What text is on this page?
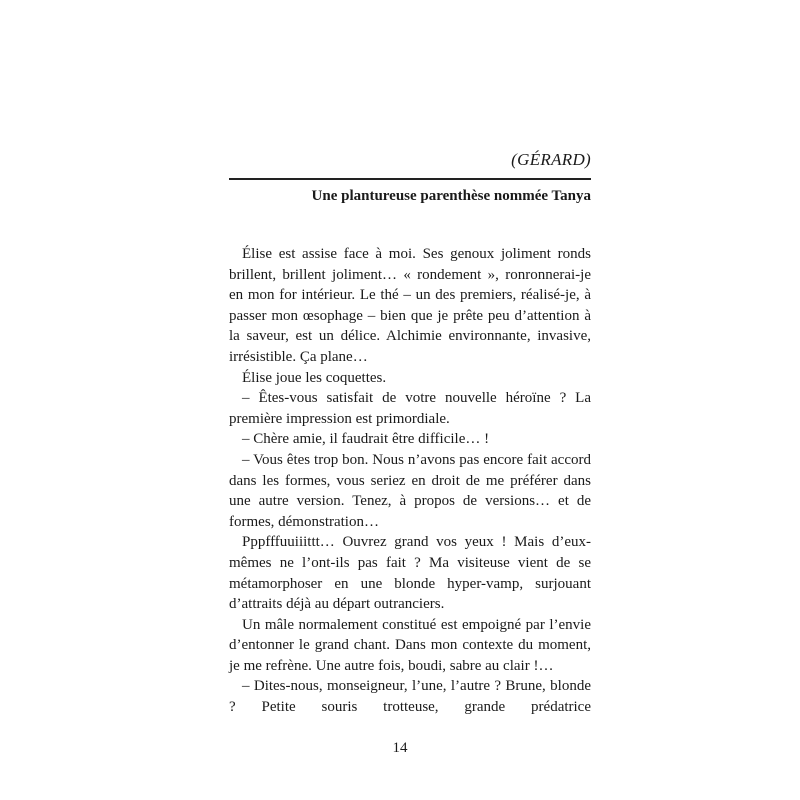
(GÉRARD)
Une plantureuse parenthèse nommée Tanya

Élise est assise face à moi. Ses genoux joliment ronds brillent, brillent joliment… « rondement », ronronnerai-je en mon for intérieur. Le thé – un des premiers, réalisé-je, à passer mon œsophage – bien que je prête peu d’attention à la saveur, est un délice. Alchimie environnante, invasive, irrésistible. Ça plane…

Élise joue les coquettes.

– Êtes-vous satisfait de votre nouvelle héroïne ? La première impression est primordiale.

– Chère amie, il faudrait être difficile… !

– Vous êtes trop bon. Nous n’avons pas encore fait accord dans les formes, vous seriez en droit de me préférer dans une autre version. Tenez, à propos de versions… et de formes, démonstration…

Pppfffuuiiittt… Ouvrez grand vos yeux ! Mais d’eux-mêmes ne l’ont-ils pas fait ? Ma visiteuse vient de se métamorphoser en une blonde hyper-vamp, surjouant d’attraits déjà au départ outranciers.

Un mâle normalement constitué est empoigné par l’envie d’entonner le grand chant. Dans mon contexte du moment, je me refrène. Une autre fois, boudi, sabre au clair !…

– Dites-nous, monseigneur, l’une, l’autre ? Brune, blonde ? Petite souris trotteuse, grande prédatrice

14
